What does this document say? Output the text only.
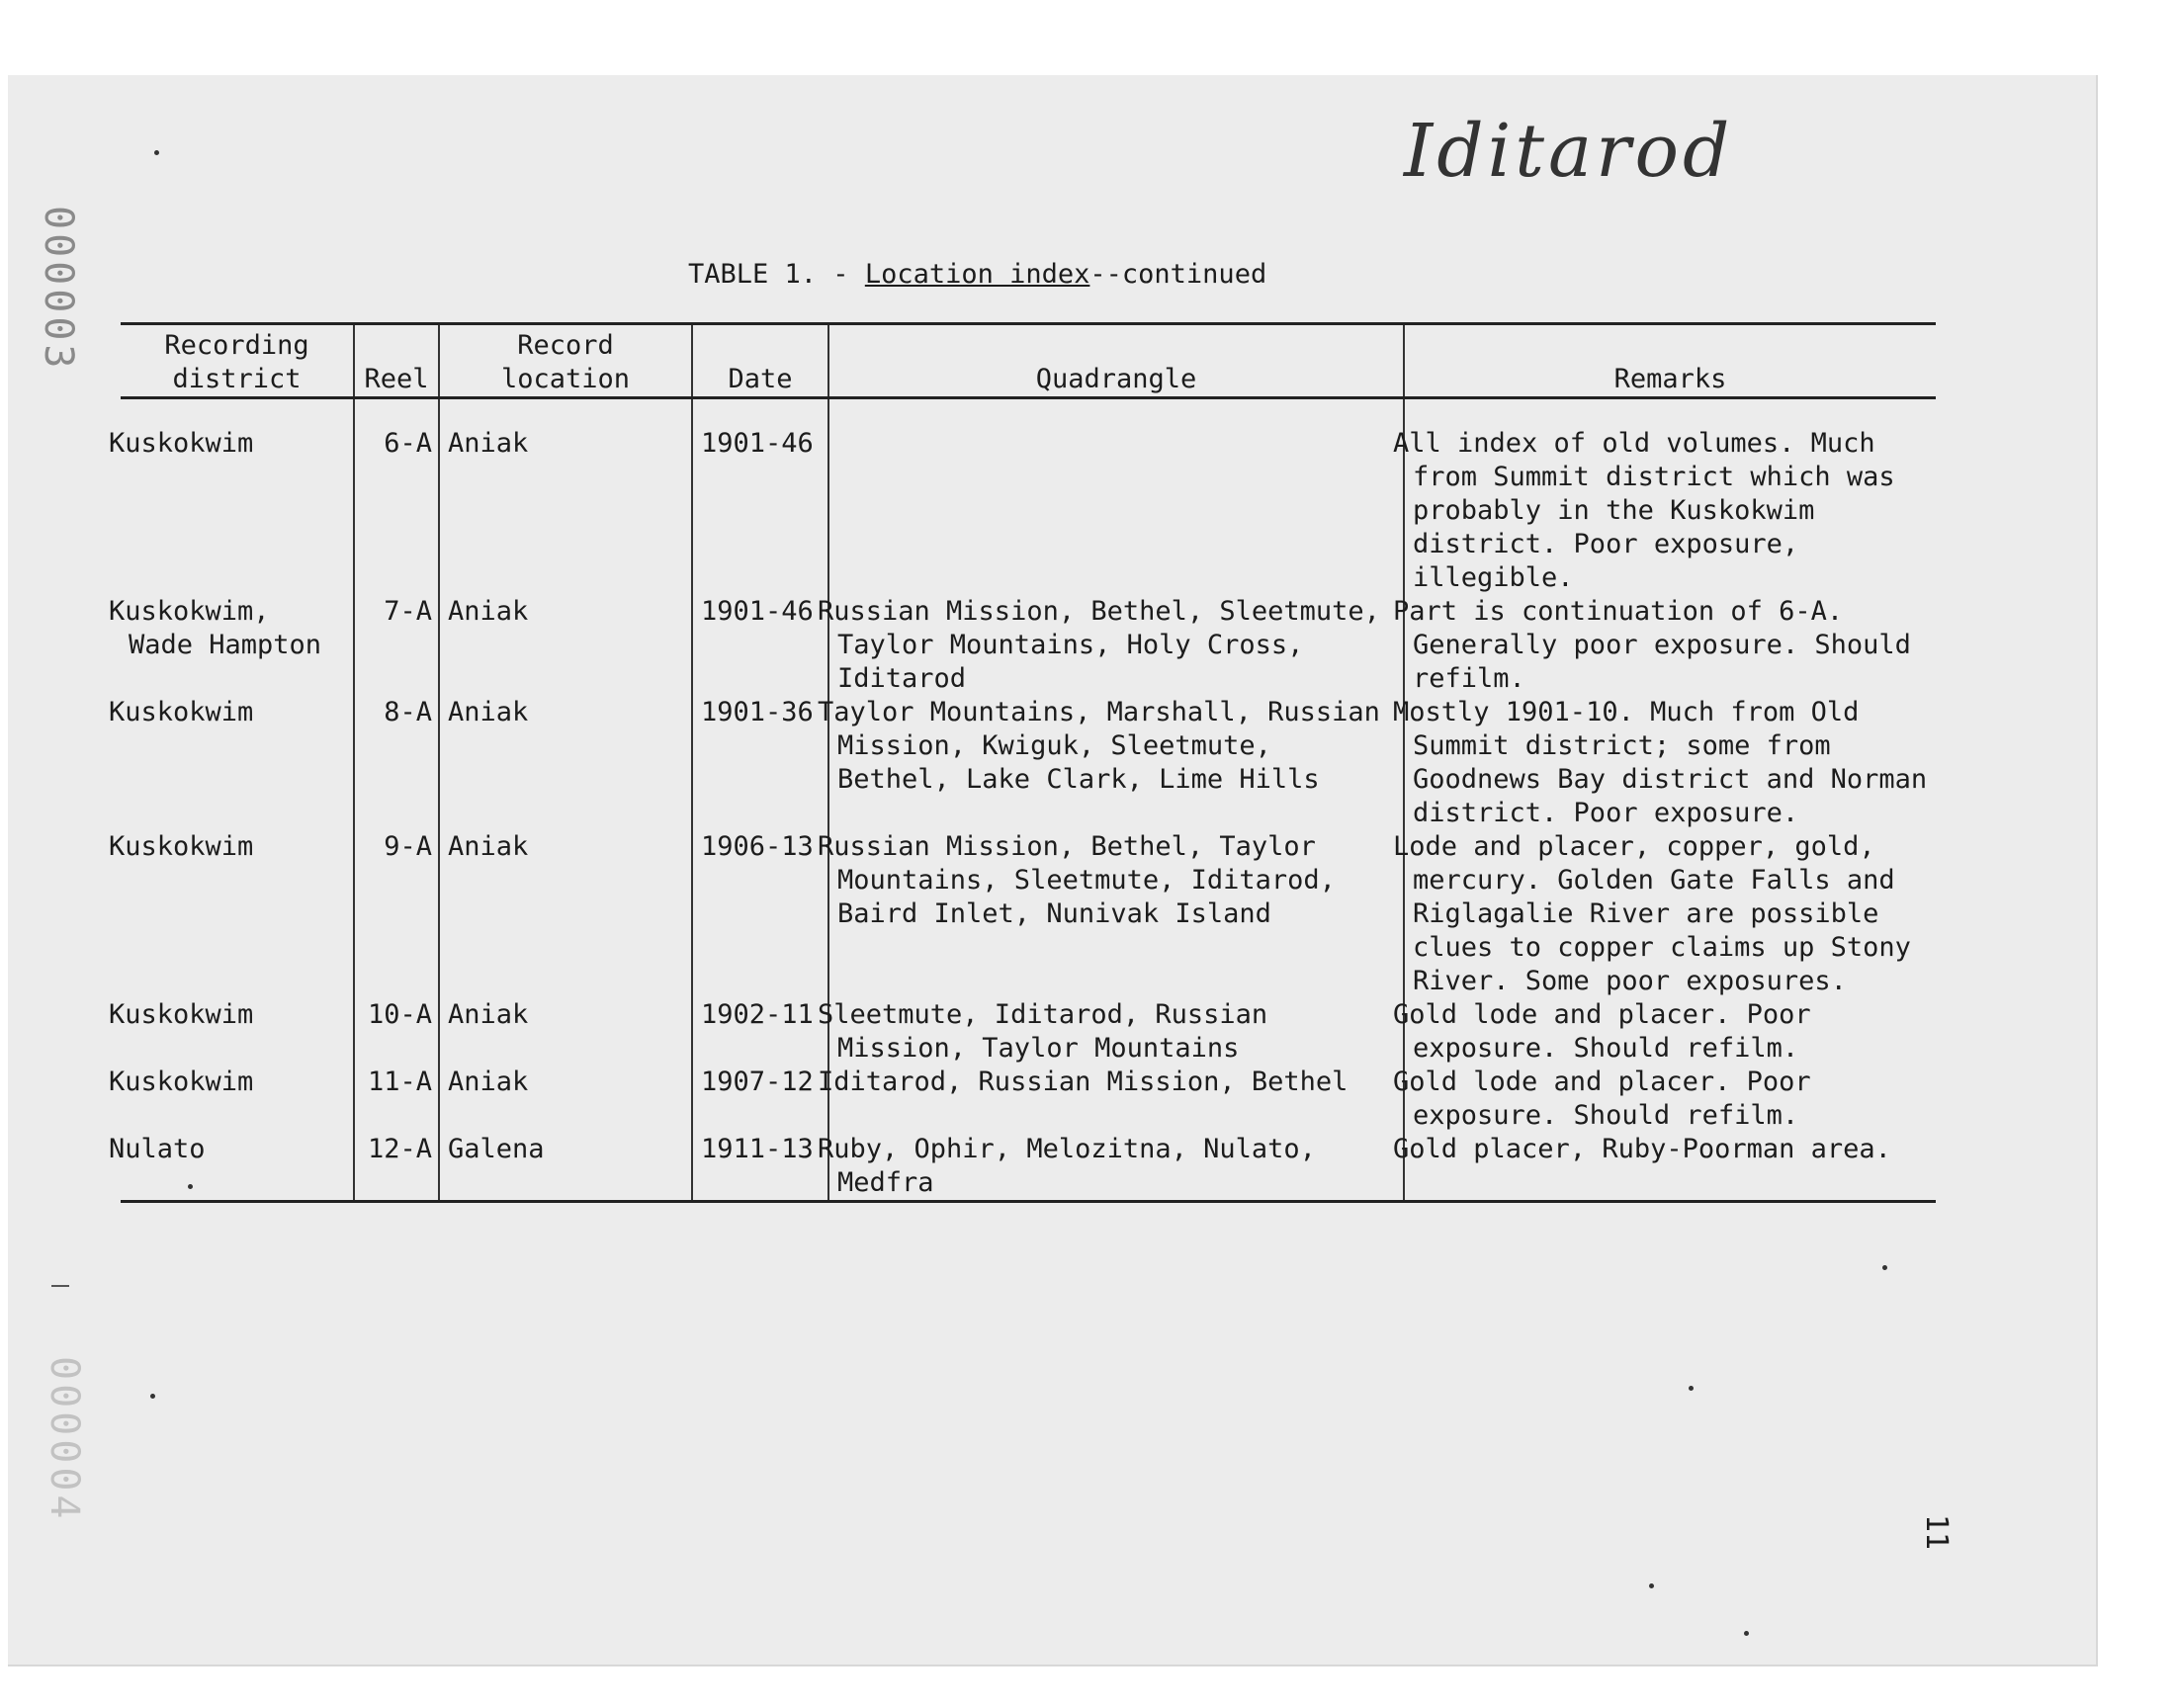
000003
000004
Iditarod
TABLE 1. - Location index--continued
Recording district	Reel	Record location	Date	Quadrangle	Remarks
Kuskokwim	6-A	Aniak	1901-46		All index of old volumes. Much from Summit district which was probably in the Kuskokwim district. Poor exposure, illegible.
Kuskokwim, Wade Hampton	7-A	Aniak	1901-46	Russian Mission, Bethel, Sleetmute, Taylor Mountains, Holy Cross, Iditarod	Part is continuation of 6-A. Generally poor exposure. Should refilm.
Kuskokwim	8-A	Aniak	1901-36	Taylor Mountains, Marshall, Russian Mission, Kwiguk, Sleetmute, Bethel, Lake Clark, Lime Hills	Mostly 1901-10. Much from Old Summit district; some from Goodnews Bay district and Norman district. Poor exposure.
Kuskokwim	9-A	Aniak	1906-13	Russian Mission, Bethel, Taylor Mountains, Sleetmute, Iditarod, Baird Inlet, Nunivak Island	Lode and placer, copper, gold, mercury. Golden Gate Falls and Riglagalie River are possible clues to copper claims up Stony River. Some poor exposures.
Kuskokwim	10-A	Aniak	1902-11	Sleetmute, Iditarod, Russian Mission, Taylor Mountains	Gold lode and placer. Poor exposure. Should refilm.
Kuskokwim	11-A	Aniak	1907-12	Iditarod, Russian Mission, Bethel	Gold lode and placer. Poor exposure. Should refilm.
Nulato	12-A	Galena	1911-13	Ruby, Ophir, Melozitna, Nulato, Medfra	Gold placer, Ruby-Poorman area.
11
